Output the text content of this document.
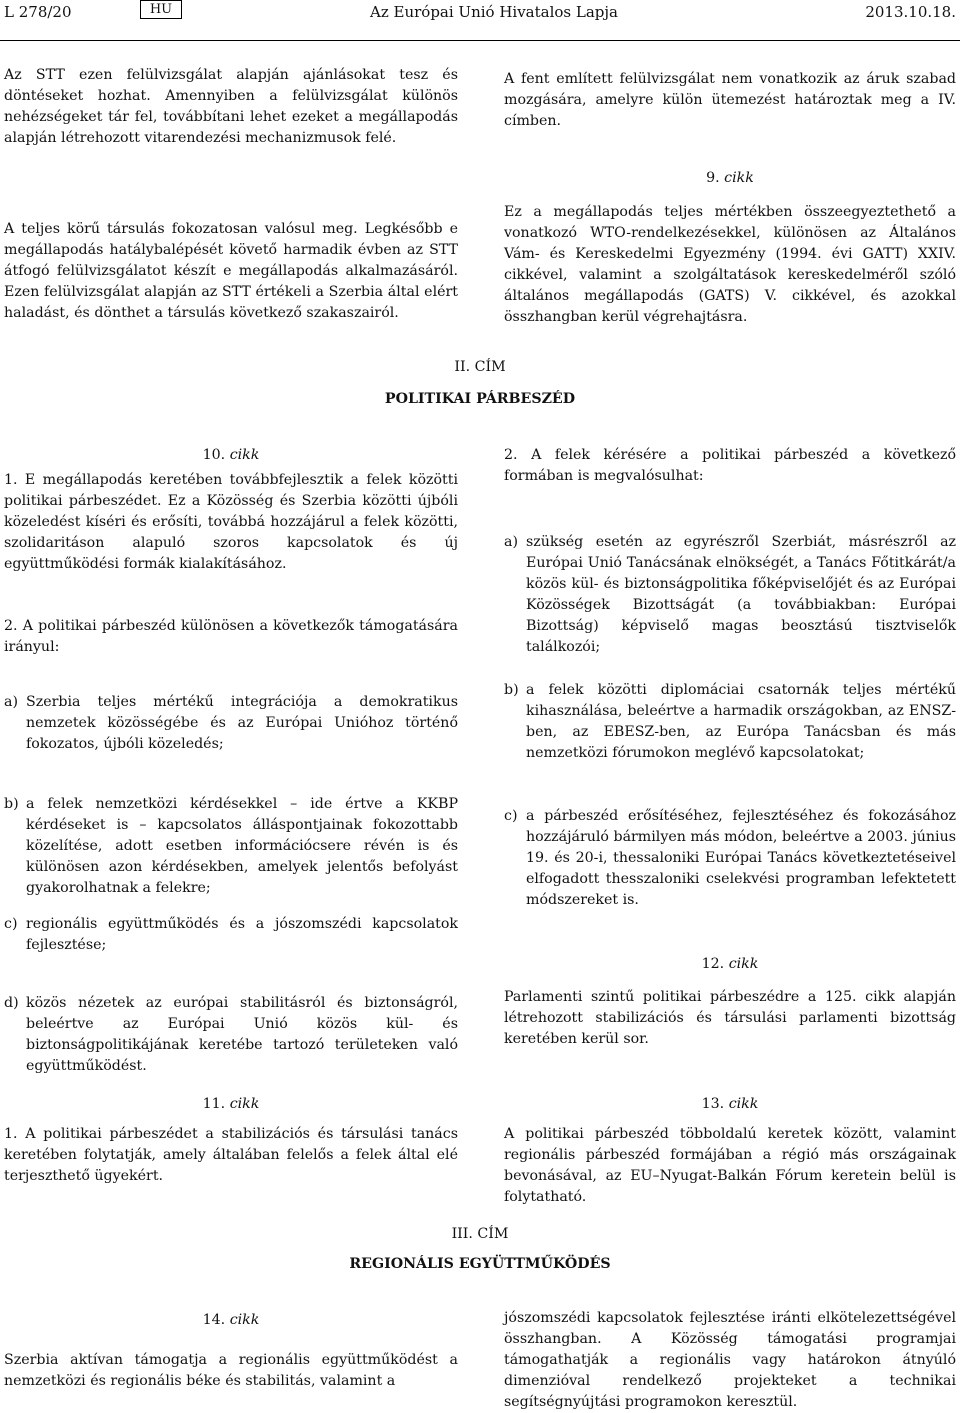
L 278/20	HU	Az Európai Unió Hivatalos Lapja	2013.10.18.

Az STT ezen felülvizsgálat alapján ajánlásokat tesz és döntéseket hozhat. Amennyiben a felülvizsgálat különös nehézségeket tár fel, továbbítani lehet ezeket a megállapodás alapján létrehozott vitarendezési mechanizmusok felé.

A teljes körű társulás fokozatosan valósul meg. Legkésőbb e megállapodás hatálybalépését követő harmadik évben az STT átfogó felülvizsgálatot készít e megállapodás alkalmazásáról. Ezen felülvizsgálat alapján az STT értékeli a Szerbia által elért haladást, és dönthet a társulás következő szakaszairól.

A fent említett felülvizsgálat nem vonatkozik az áruk szabad mozgására, amelyre külön ütemezést határoztak meg a IV. címben.

9. cikk

Ez a megállapodás teljes mértékben összeegyeztethető a vonatkozó WTO-rendelkezésekkel, különösen az Általános Vám- és Kereskedelmi Egyezmény (1994. évi GATT) XXIV. cikkével, valamint a szolgáltatások kereskedelméről szóló általános megállapodás (GATS) V. cikkével, és azokkal összhangban kerül végrehajtásra.

II. CÍM
POLITIKAI PÁRBESZÉD
10. cikk

1. E megállapodás keretében továbbfejlesztik a felek közötti politikai párbeszédet. Ez a Közösség és Szerbia közötti újbóli közeledést kíséri és erősíti, továbbá hozzájárul a felek közötti, szolidaritáson alapuló szoros kapcsolatok és új együttműködési formák kialakításához.

2. A politikai párbeszéd különösen a következők támogatására irányul:

a) Szerbia teljes mértékű integrációja a demokratikus nemzetek közösségébe és az Európai Unióhoz történő fokozatos, újbóli közeledés;
b) a felek nemzetközi kérdésekkel – ide értve a KKBP kérdéseket is – kapcsolatos álláspontjainak fokozottabb közelítése, adott esetben információcsere révén is és különösen azon kérdésekben, amelyek jelentős befolyást gyakorolhatnak a felekre;
c) regionális együttműködés és a jószomszédi kapcsolatok fejlesztése;
d) közös nézetek az európai stabilitásról és biztonságról, beleértve az Európai Unió közös kül- és biztonságpolitikájának keretébe tartozó területeken való együttműködést.

2. A felek kérésére a politikai párbeszéd a következő formában is megvalósulhat:

a) szükség esetén az egyrészről Szerbiát, másrészről az Európai Unió Tanácsának elnökségét, a Tanács Főtitkárát/a közös kül- és biztonságpolitika főképviselőjét és az Európai Közösségek Bizottságát (a továbbiakban: Európai Bizottság) képviselő magas beosztású tisztviselők találkozói;
b) a felek közötti diplomáciai csatornák teljes mértékű kihasználása, beleértve a harmadik országokban, az ENSZ-ben, az EBESZ-ben, az Európa Tanácsban és más nemzetközi fórumokon meglévő kapcsolatokat;
c) a párbeszéd erősítéséhez, fejlesztéséhez és fokozásához hozzájáruló bármilyen más módon, beleértve a 2003. június 19. és 20-i, thessaloniki Európai Tanács következtetéseivel elfogadott thesszaloniki cselekvési programban lefektetett módszereket is.
12. cikk

Parlamenti szintű politikai párbeszédre a 125. cikk alapján létrehozott stabilizációs és társulási parlamenti bizottság keretében kerül sor.

11. cikk

1. A politikai párbeszédet a stabilizációs és társulási tanács keretében folytatják, amely általában felelős a felek által elé terjeszthető ügyekért.

13. cikk

A politikai párbeszéd többoldalú keretek között, valamint regionális párbeszéd formájában a régió más országainak bevonásával, az EU–Nyugat-Balkán Fórum keretein belül is folytatható.

III. CÍM
REGIONÁLIS EGYÜTTMŰKÖDÉS
14. cikk

Szerbia aktívan támogatja a regionális együttműködést a nemzetközi és regionális béke és stabilitás, valamint a

jószomszédi kapcsolatok fejlesztése iránti elkötelezettségével összhangban. A Közösség támogatási programjai támogathatják a regionális vagy határokon átnyúló dimenzióval rendelkező projekteket a technikai segítségnyújtási programokon keresztül.
